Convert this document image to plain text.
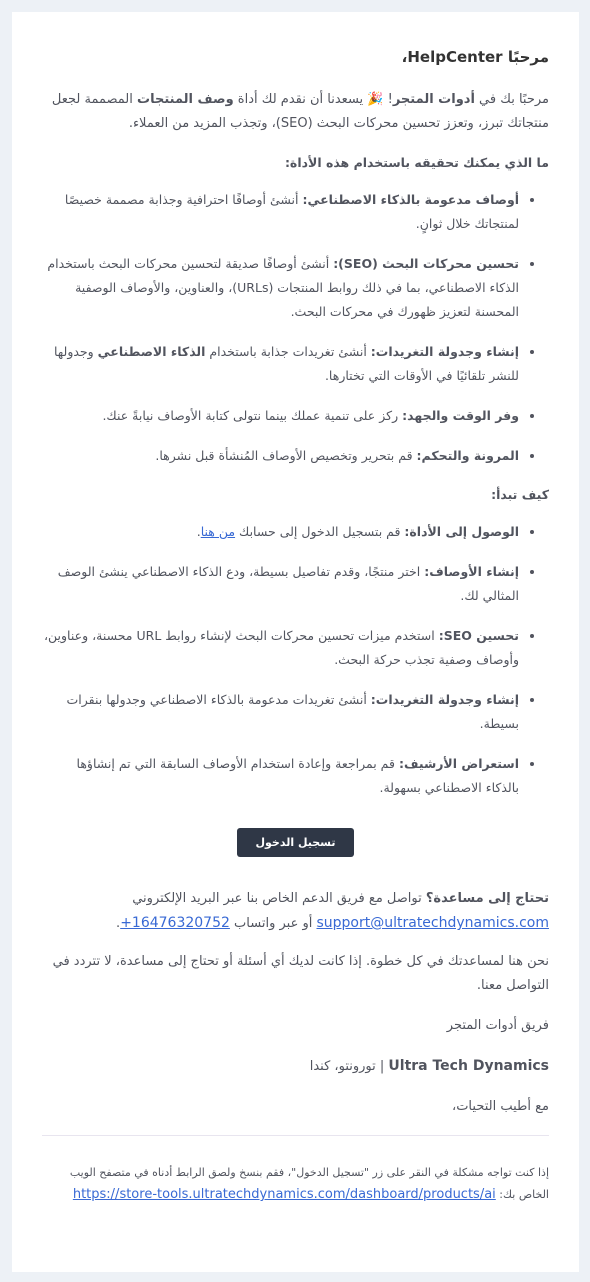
مرحبًا HelpCenter،

مرحبًا بك في أدوات المتجر! 🎉 يسعدنا أن نقدم لك أداة وصف المنتجات المصممة لجعل منتجاتك تبرز، وتعزز تحسين محركات البحث (SEO)، وتجذب المزيد من العملاء.

ما الذي يمكنك تحقيقه باستخدام هذه الأداة:
• أوصاف مدعومة بالذكاء الاصطناعي: أنشئ أوصافًا احترافية وجذابة مصممة خصيصًا لمنتجاتك خلال ثوانٍ.
• تحسين محركات البحث (SEO): أنشئ أوصافًا صديقة لتحسين محركات البحث باستخدام الذكاء الاصطناعي، بما في ذلك روابط المنتجات (URLs)، والعناوين، والأوصاف الوصفية المحسنة لتعزيز ظهورك في محركات البحث.
• إنشاء وجدولة التغريدات: أنشئ تغريدات جذابة باستخدام الذكاء الاصطناعي وجدولها للنشر تلقائيًا في الأوقات التي تختارها.
• وفر الوقت والجهد: ركز على تنمية عملك بينما نتولى كتابة الأوصاف نيابةً عنك.
• المرونة والتحكم: قم بتحرير وتخصيص الأوصاف المُنشأة قبل نشرها.
كيف تبدأ:
• الوصول إلى الأداة: قم بتسجيل الدخول إلى حسابك من هنا.
• إنشاء الأوصاف: اختر منتجًا، وقدم تفاصيل بسيطة، ودع الذكاء الاصطناعي ينشئ الوصف المثالي لك.
• تحسين SEO: استخدم ميزات تحسين محركات البحث لإنشاء روابط URL محسنة، وعناوين، وأوصاف وصفية تجذب حركة البحث.
• إنشاء وجدولة التغريدات: أنشئ تغريدات مدعومة بالذكاء الاصطناعي وجدولها بنقرات بسيطة.
• استعراض الأرشيف: قم بمراجعة وإعادة استخدام الأوصاف السابقة التي تم إنشاؤها بالذكاء الاصطناعي بسهولة.
تسجيل الدخول

تحتاج إلى مساعدة؟ تواصل مع فريق الدعم الخاص بنا عبر البريد الإلكتروني support@ultratechdynamics.com أو عبر واتساب +16476320752.

نحن هنا لمساعدتك في كل خطوة. إذا كانت لديك أي أسئلة أو تحتاج إلى مساعدة، لا تتردد في التواصل معنا.

فريق أدوات المتجر

Ultra Tech Dynamics | تورونتو، كندا

مع أطيب التحيات،

إذا كنت تواجه مشكلة في النقر على زر "تسجيل الدخول"، فقم بنسخ ولصق الرابط أدناه في متصفح الويب الخاص بك: https://store-tools.ultratechdynamics.com/dashboard/products/ai
